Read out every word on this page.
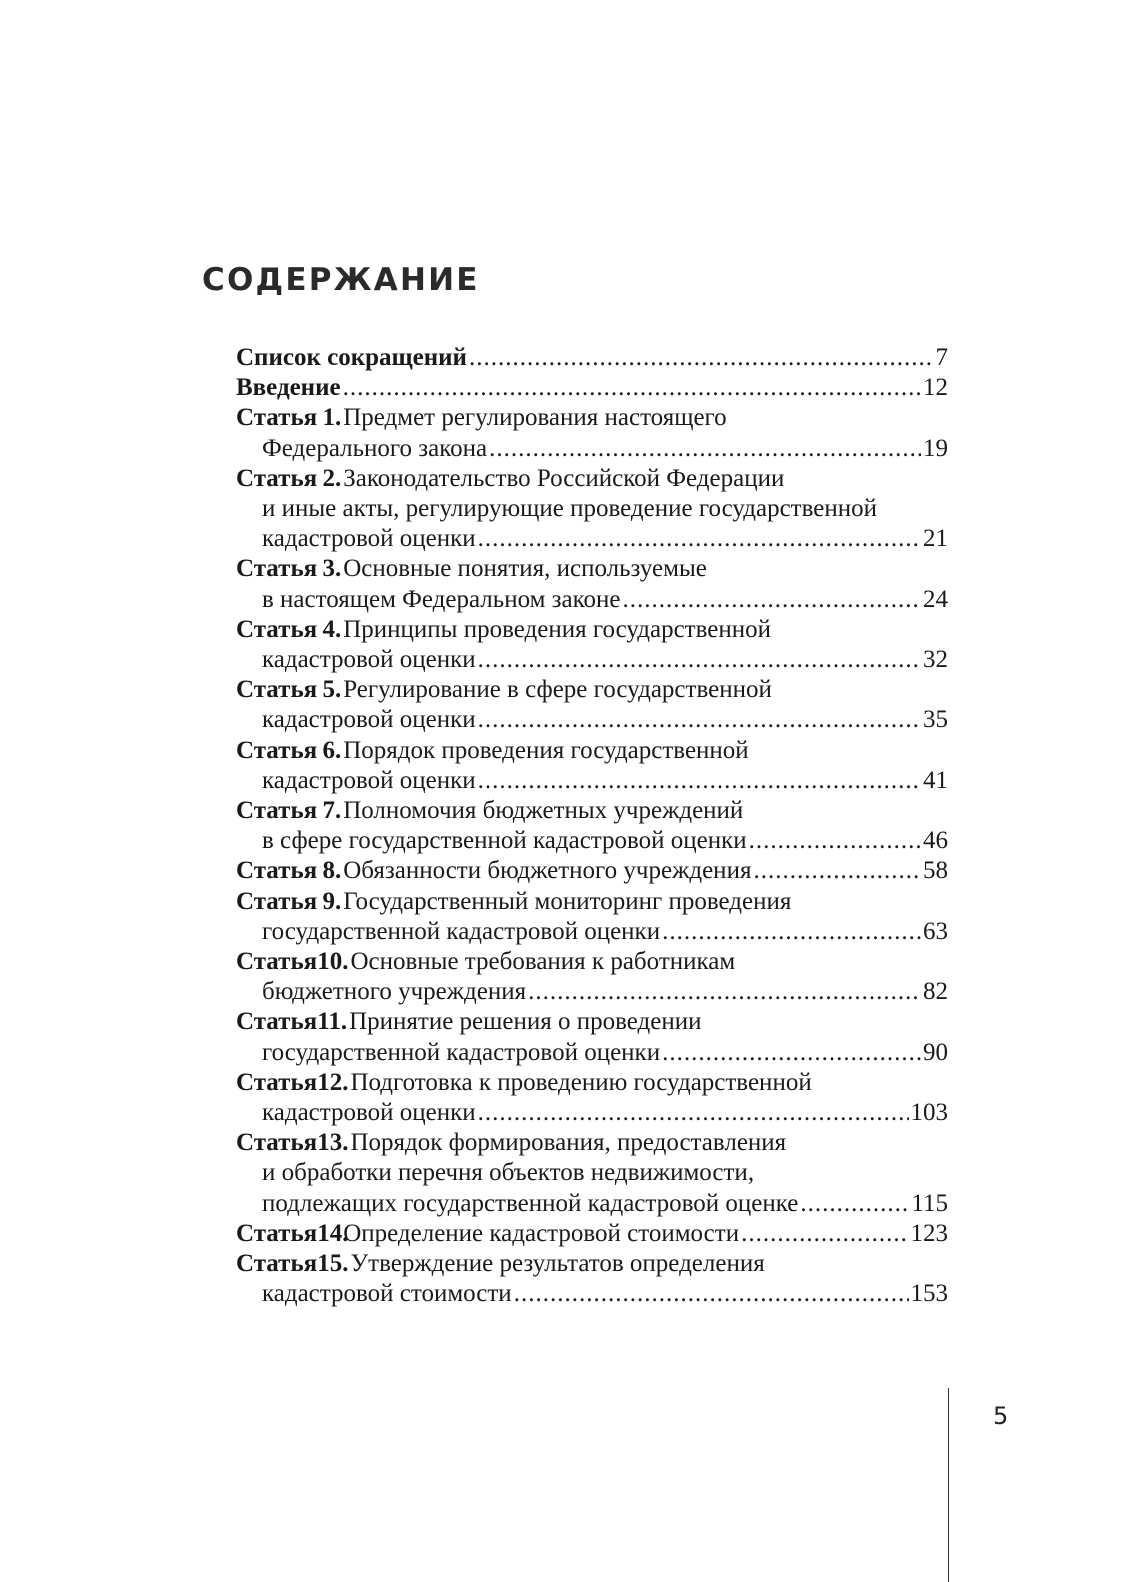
СОДЕРЖАНИЕ
Список сокращений .....	7
Введение .....	12
Статья 1. Предмет регулирования настоящего
Федерального закона .....	19
Статья 2. Законодательство Российской Федерации
и иные акты, регулирующие проведение государственной
кадастровой оценки .....	21
Статья 3. Основные понятия, используемые
в настоящем Федеральном законе .....	24
Статья 4. Принципы проведения государственной
кадастровой оценки .....	32
Статья 5. Регулирование в сфере государственной
кадастровой оценки .....	35
Статья 6. Порядок проведения государственной
кадастровой оценки .....	41
Статья 7. Полномочия бюджетных учреждений
в сфере государственной кадастровой оценки .....	46
Статья 8. Обязанности бюджетного учреждения .....	58
Статья 9. Государственный мониторинг проведения
государственной кадастровой оценки .....	63
Статья 10. Основные требования к работникам
бюджетного учреждения .....	82
Статья 11. Принятие решения о проведении
государственной кадастровой оценки .....	90
Статья 12. Подготовка к проведению государственной
кадастровой оценки .....	103
Статья 13. Порядок формирования, предоставления
и обработки перечня объектов недвижимости,
подлежащих государственной кадастровой оценке .....	115
Статья 14.
Определение кадастровой стоимости .....	123
Статья 15. Утверждение результатов определения
кадастровой стоимости .....	153
5
